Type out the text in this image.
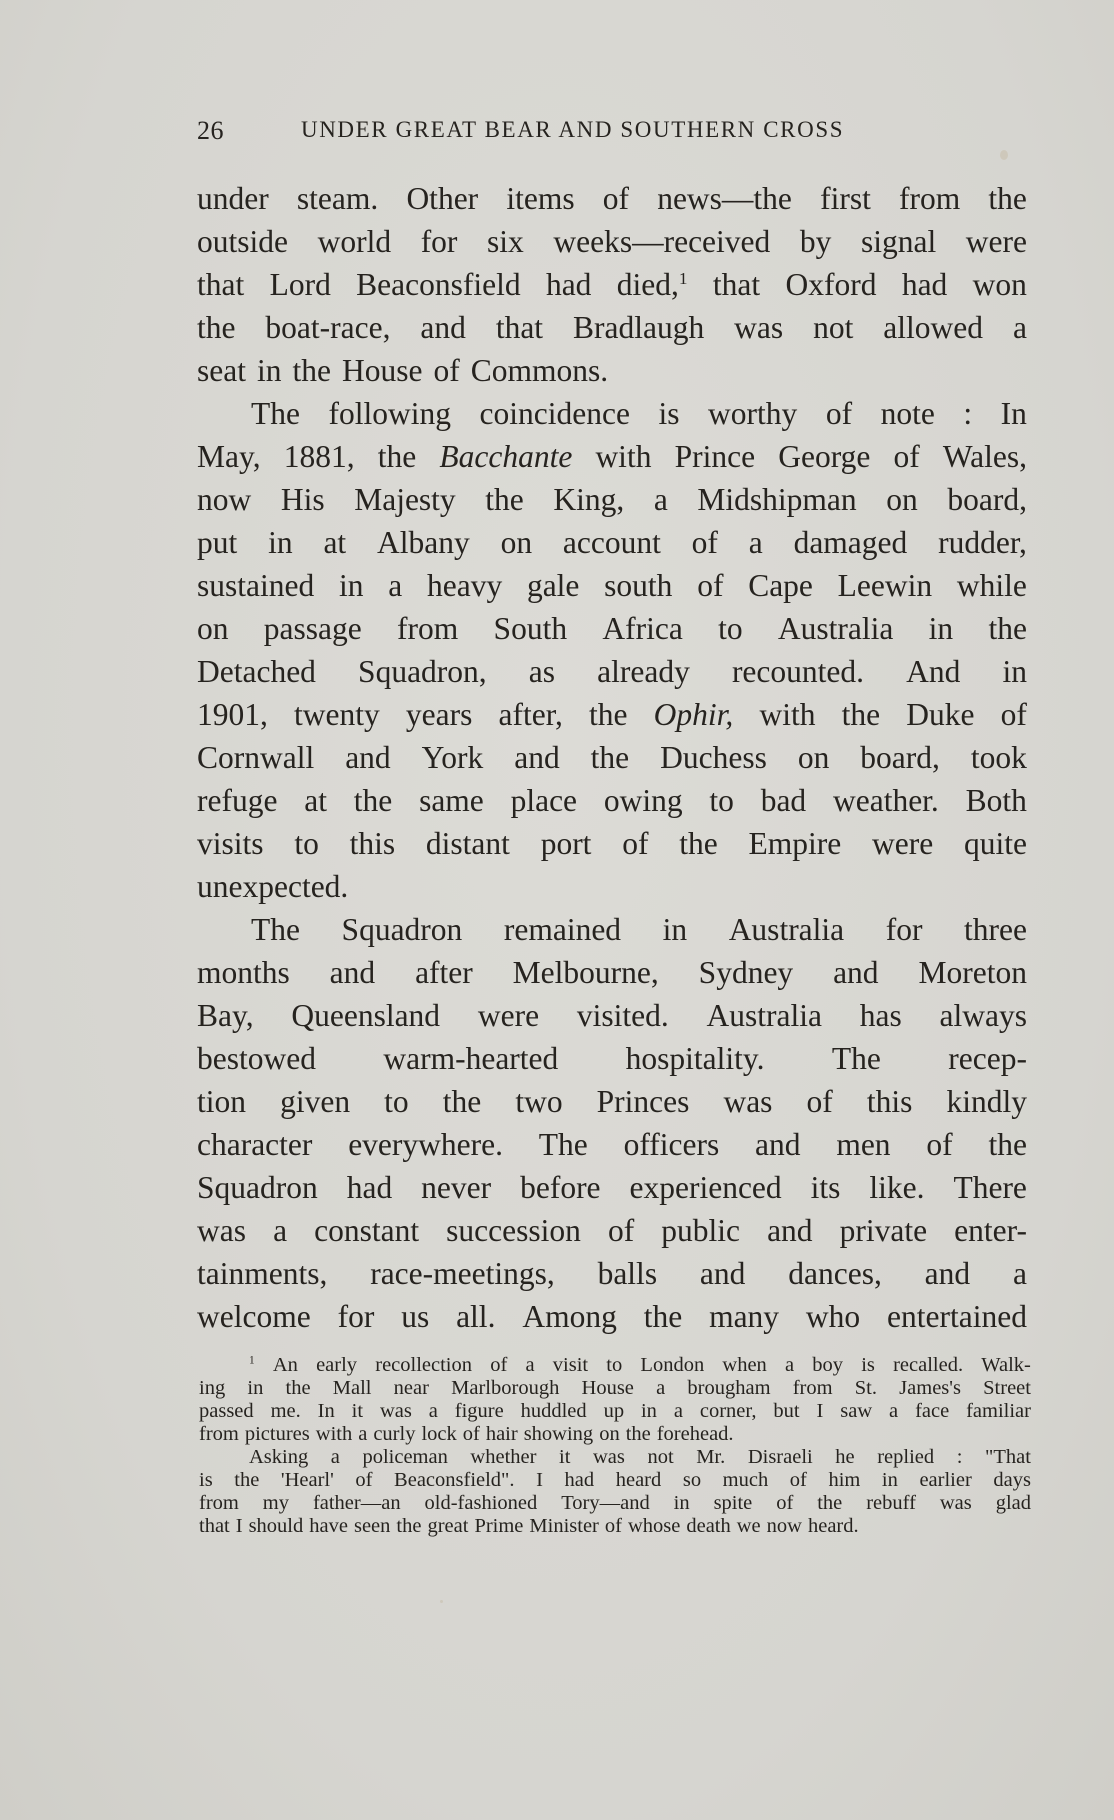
26	UNDER GREAT BEAR AND SOUTHERN CROSS
under steam. Other items of news—the first from the
outside world for six weeks—received by signal were
that Lord Beaconsfield had died,$^1$ that Oxford had won
the boat-race, and that Bradlaugh was not allowed a
seat in the House of Commons.
The following coincidence is worthy of note : In
May, 1881, the Bacchante with Prince George of Wales,
now His Majesty the King, a Midshipman on board,
put in at Albany on account of a damaged rudder,
sustained in a heavy gale south of Cape Leewin while
on passage from South Africa to Australia in the
Detached Squadron, as already recounted. And in
1901, twenty years after, the Ophir, with the Duke of
Cornwall and York and the Duchess on board, took
refuge at the same place owing to bad weather. Both
visits to this distant port of the Empire were quite
unexpected.
The Squadron remained in Australia for three
months and after Melbourne, Sydney and Moreton
Bay, Queensland were visited. Australia has always
bestowed warm-hearted hospitality. The recep-
tion given to the two Princes was of this kindly
character everywhere. The officers and men of the
Squadron had never before experienced its like. There
was a constant succession of public and private enter-
tainments, race-meetings, balls and dances, and a
welcome for us all. Among the many who entertained
$^1$ An early recollection of a visit to London when a boy is recalled. Walk-
ing in the Mall near Marlborough House a brougham from St. James's Street
passed me. In it was a figure huddled up in a corner, but I saw a face familiar
from pictures with a curly lock of hair showing on the forehead.
Asking a policeman whether it was not Mr. Disraeli he replied : "That
is the 'Hearl' of Beaconsfield". I had heard so much of him in earlier days
from my father—an old-fashioned Tory—and in spite of the rebuff was glad
that I should have seen the great Prime Minister of whose death we now heard.
